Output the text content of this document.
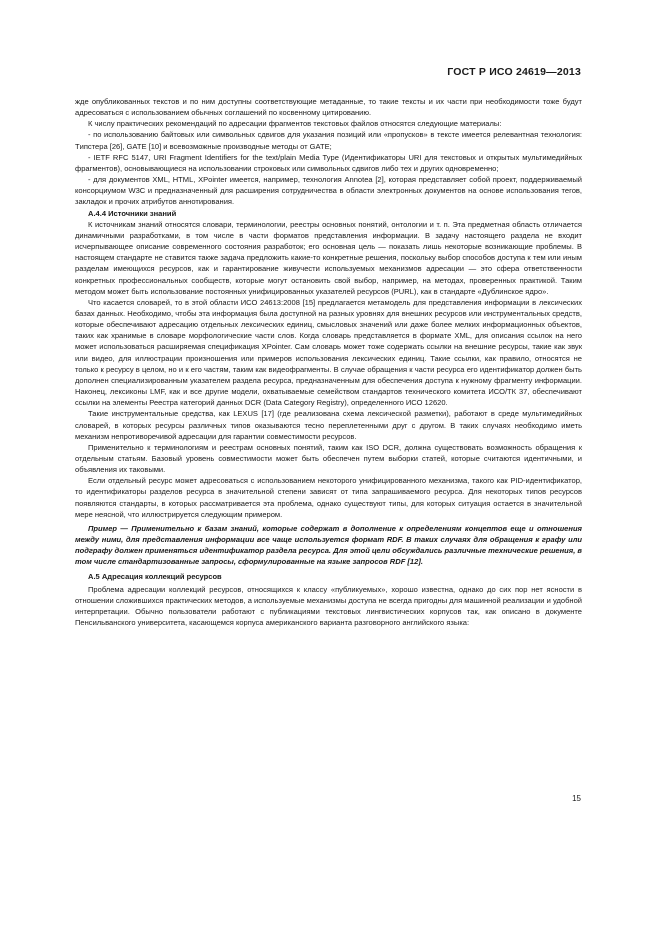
ГОСТ Р ИСО 24619—2013

жде опубликованных текстов и по ним доступны соответствующие метаданные, то такие тексты и их части при необходимости тоже будут адресоваться с использованием обычных соглашений по косвенному цитированию.

К числу практических рекомендаций по адресации фрагментов текстовых файлов относятся следующие материалы:

- по использованию байтовых или символьных сдвигов для указания позиций или «пропусков» в тексте имеется релевантная технология: Tипстера [26], GATE [10] и всевозможные производные методы от GATE;

- IETF RFC 5147, URI Fragment Identifiers for the text/plain Media Type (Идентификаторы URI для текстовых и открытых мультимедийных фрагментов), основывающиеся на использовании строковых или символьных сдвигов либо тех и других одновременно;

- для документов XML, HTML, XPointer имеется, например, технология Annotea [2], которая представляет собой проект, поддерживаемый консорциумом W3C и предназначенный для расширения сотрудничества в области электронных документов на основе использования тегов, закладок и прочих атрибутов аннотирования.

А.4.4 Источники знаний

К источникам знаний относятся словари, терминологии, реестры основных понятий, онтологии и т. п. Эта предметная область отличается динамичными разработками, в том числе в части форматов представления информации. В задачу настоящего раздела не входит исчерпывающее описание современного состояния разработок; его основная цель — показать лишь некоторые возникающие проблемы. В настоящем стандарте не ставится также задача предложить какие-то конкретные решения, поскольку выбор способов доступа к тем или иным разделам имеющихся ресурсов, как и гарантирование живучести используемых механизмов адресации — это сфера ответственности конкретных профессиональных сообществ, которые могут остановить свой выбор, например, на методах, проверенных практикой. Таким методом может быть использование постоянных унифицированных указателей ресурсов (PURL), как в стандарте «Дублинское ядро».

Что касается словарей, то в этой области ИСО 24613:2008 [15] предлагается метамодель для представления информации в лексических базах данных. Необходимо, чтобы эта информация была доступной на разных уровнях для внешних ресурсов или инструментальных средств, которые обеспечивают адресацию отдельных лексических единиц, смысловых значений или даже более мелких информационных объектов, таких как хранимые в словаре морфологические части слов. Когда словарь представляется в формате XML, для описания ссылок на него может использоваться расширяемая спецификация XPointer. Сам словарь может тоже содержать ссылки на внешние ресурсы, такие как звук или видео, для иллюстрации произношения или примеров использования лексических единиц. Такие ссылки, как правило, относятся не только к ресурсу в целом, но и к его частям, таким как видеофрагменты. В случае обращения к части ресурса его идентификатор должен быть дополнен специализированным указателем раздела ресурса, предназначенным для обеспечения доступа к нужному фрагменту информации. Наконец, лексиконы LMF, как и все другие модели, охватываемые семейством стандартов технического комитета ИСО/ТК 37, обеспечивают ссылки на элементы Реестра категорий данных DCR (Data Category Registry), определенного ИСО 12620.

Такие инструментальные средства, как LEXUS [17] (где реализована схема лексической разметки), работают в среде мультимедийных словарей, в которых ресурсы различных типов оказываются тесно переплетенными друг с другом. В таких случаях необходимо иметь механизм непротиворечивой адресации для гарантии совместимости ресурсов.

Применительно к терминологиям и реестрам основных понятий, таким как ISO DCR, должна существовать возможность обращения к отдельным статьям. Базовый уровень совместимости может быть обеспечен путем выборки статей, которые считаются идентичными, и объявления их таковыми.

Если отдельный ресурс может адресоваться с использованием некоторого унифицированного механизма, такого как PID-идентификатор, то идентификаторы разделов ресурса в значительной степени зависят от типа запрашиваемого ресурса. Для некоторых типов ресурсов появляются стандарты, в которых рассматривается эта проблема, однако существуют типы, для которых ситуация остается в значительной мере неясной, что иллюстрируется следующим примером.

Пример — Применительно к базам знаний, которые содержат в дополнение к определениям концептов еще и отношения между ними, для представления информации все чаще используется формат RDF. В таких случаях для обращения к графу или подграфу должен применяться идентификатор раздела ресурса. Для этой цели обсуждались различные технические решения, в том числе стандартизованные запросы, сформулированные на языке запросов RDF [12].

А.5 Адресация коллекций ресурсов

Проблема адресации коллекций ресурсов, относящихся к классу «публикуемых», хорошо известна, однако до сих пор нет ясности в отношении сложившихся практических методов, а используемые механизмы доступа не всегда пригодны для машинной реализации и удобной интерпретации. Обычно пользователи работают с публикациями текстовых лингвистических корпусов так, как описано в документе Пенсильванского университета, касающемся корпуса американского варианта разговорного английского языка:

15
